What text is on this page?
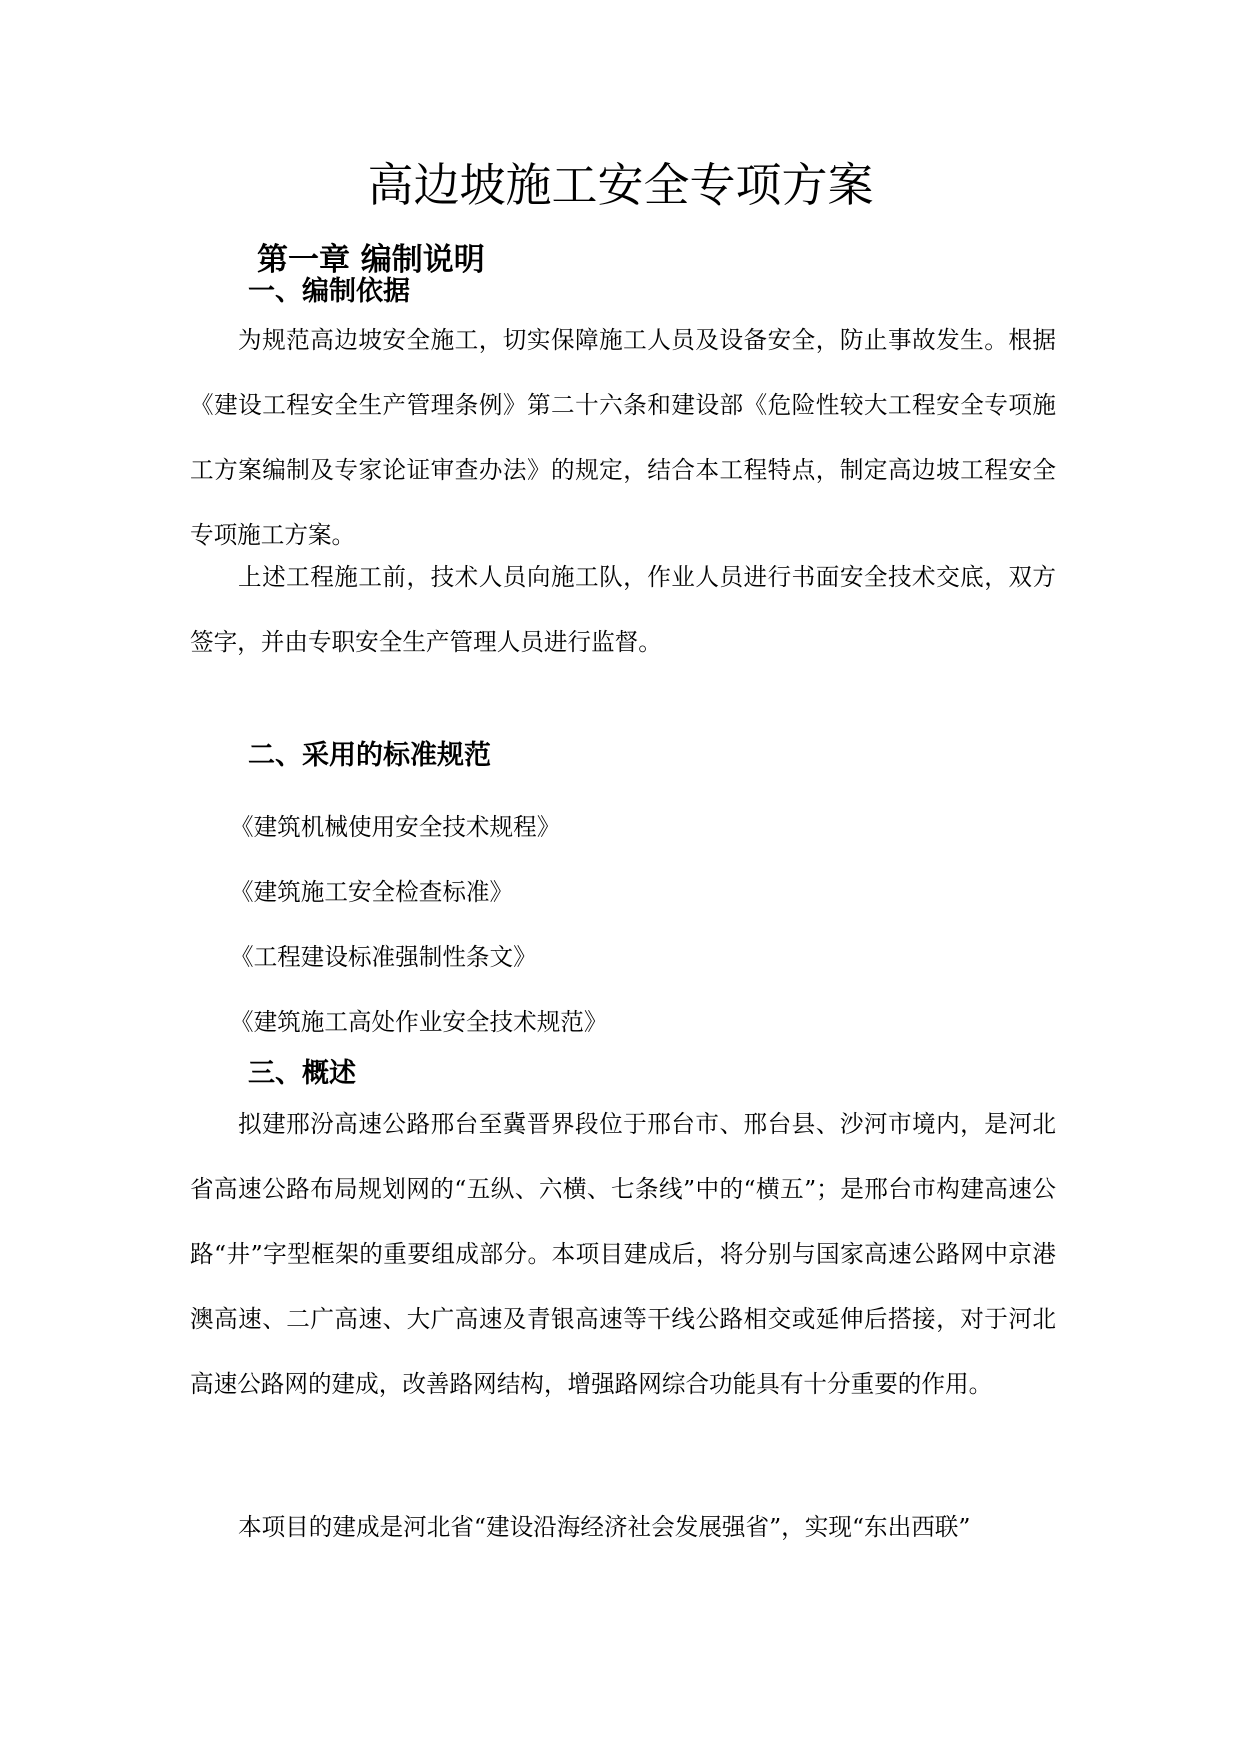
高边坡施工安全专项方案
第一章 编制说明
一、编制依据

为规范高边坡安全施工，切实保障施工人员及设备安全，防止事故发生。根据《建设工程安全生产管理条例》第二十六条和建设部《危险性较大工程安全专项施工方案编制及专家论证审查办法》的规定，结合本工程特点，制定高边坡工程安全专项施工方案。

上述工程施工前，技术人员向施工队，作业人员进行书面安全技术交底，双方签字，并由专职安全生产管理人员进行监督。

二、采用的标准规范
《建筑机械使用安全技术规程》
《建筑施工安全检查标准》
《工程建设标准强制性条文》
《建筑施工高处作业安全技术规范》
三、概述

拟建邢汾高速公路邢台至冀晋界段位于邢台市、邢台县、沙河市境内，是河北省高速公路布局规划网的“五纵、六横、七条线”中的“横五”；是邢台市构建高速公路“井”字型框架的重要组成部分。本项目建成后，将分别与国家高速公路网中京港澳高速、二广高速、大广高速及青银高速等干线公路相交或延伸后搭接，对于河北高速公路网的建成，改善路网结构，增强路网综合功能具有十分重要的作用。

本项目的建成是河北省“建设沿海经济社会发展强省”，实现“东出西联”
